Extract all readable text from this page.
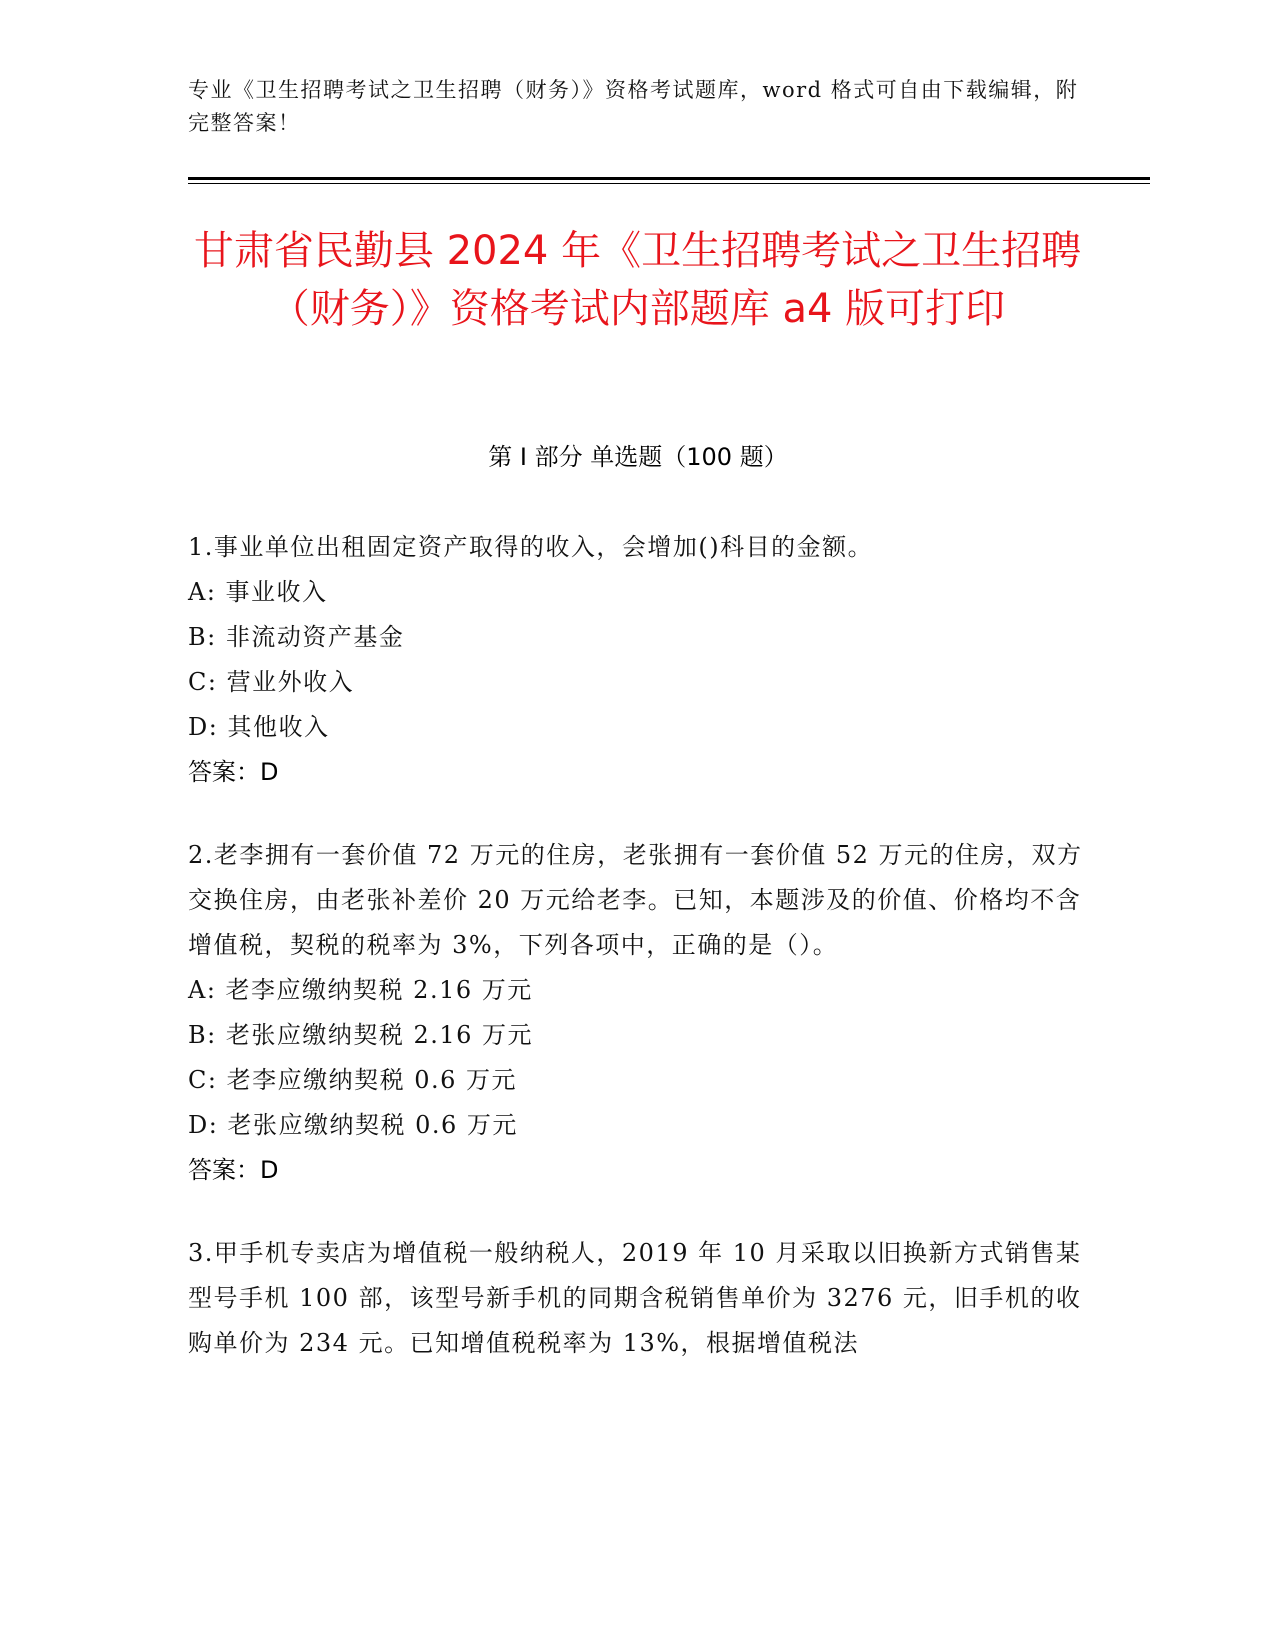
专业《卫生招聘考试之卫生招聘（财务）》资格考试题库，word 格式可自由下载编辑，附完整答案！
甘肃省民勤县 2024 年《卫生招聘考试之卫生招聘（财务）》资格考试内部题库 a4 版可打印
第 I 部分 单选题（100 题）

1.事业单位出租固定资产取得的收入，会增加()科目的金额。

A: 事业收入

B: 非流动资产基金

C: 营业外收入

D: 其他收入

答案：D

2.老李拥有一套价值 72 万元的住房，老张拥有一套价值 52 万元的住房，双方交换住房，由老张补差价 20 万元给老李。已知，本题涉及的价值、价格均不含增值税，契税的税率为 3%，下列各项中，正确的是（）。

A: 老李应缴纳契税 2.16 万元

B: 老张应缴纳契税 2.16 万元

C: 老李应缴纳契税 0.6 万元

D: 老张应缴纳契税 0.6 万元

答案：D

3.甲手机专卖店为增值税一般纳税人，2019 年 10 月采取以旧换新方式销售某型号手机 100 部，该型号新手机的同期含税销售单价为 3276 元，旧手机的收购单价为 234 元。已知增值税税率为 13%，根据增值税法
